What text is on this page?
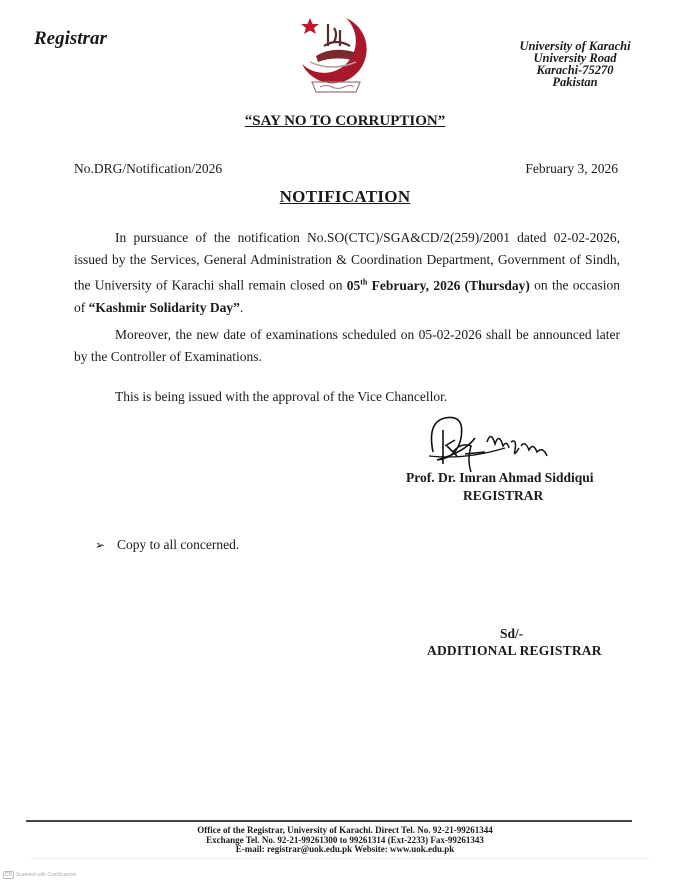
Registrar	University of Karachi
University Road
Karachi-75270
Pakistan
“SAY NO TO CORRUPTION”
No.DRG/Notification/2026	February 3, 2026
NOTIFICATION
In pursuance of the notification No.SO(CTC)/SGA&CD/2(259)/2001 dated 02-02-2026, issued by the Services, General Administration & Coordination Department, Government of Sindh, the University of Karachi shall remain closed on 05th February, 2026 (Thursday) on the occasion of “Kashmir Solidarity Day”.
Moreover, the new date of examinations scheduled on 05-02-2026 shall be announced later by the Controller of Examinations.
This is being issued with the approval of the Vice Chancellor.
Prof. Dr. Imran Ahmad Siddiqui
REGISTRAR
➢ Copy to all concerned.
Sd/-
ADDITIONAL REGISTRAR
Office of the Registrar, University of Karachi. Direct Tel. No. 92-21-99261344
Exchange Tel. No. 92-21-99261300 to 99261314 (Ext-2233) Fax-99261343
E-mail: registrar@uok.edu.pk Website: www.uok.edu.pk
CS Scanned with CamScanner
